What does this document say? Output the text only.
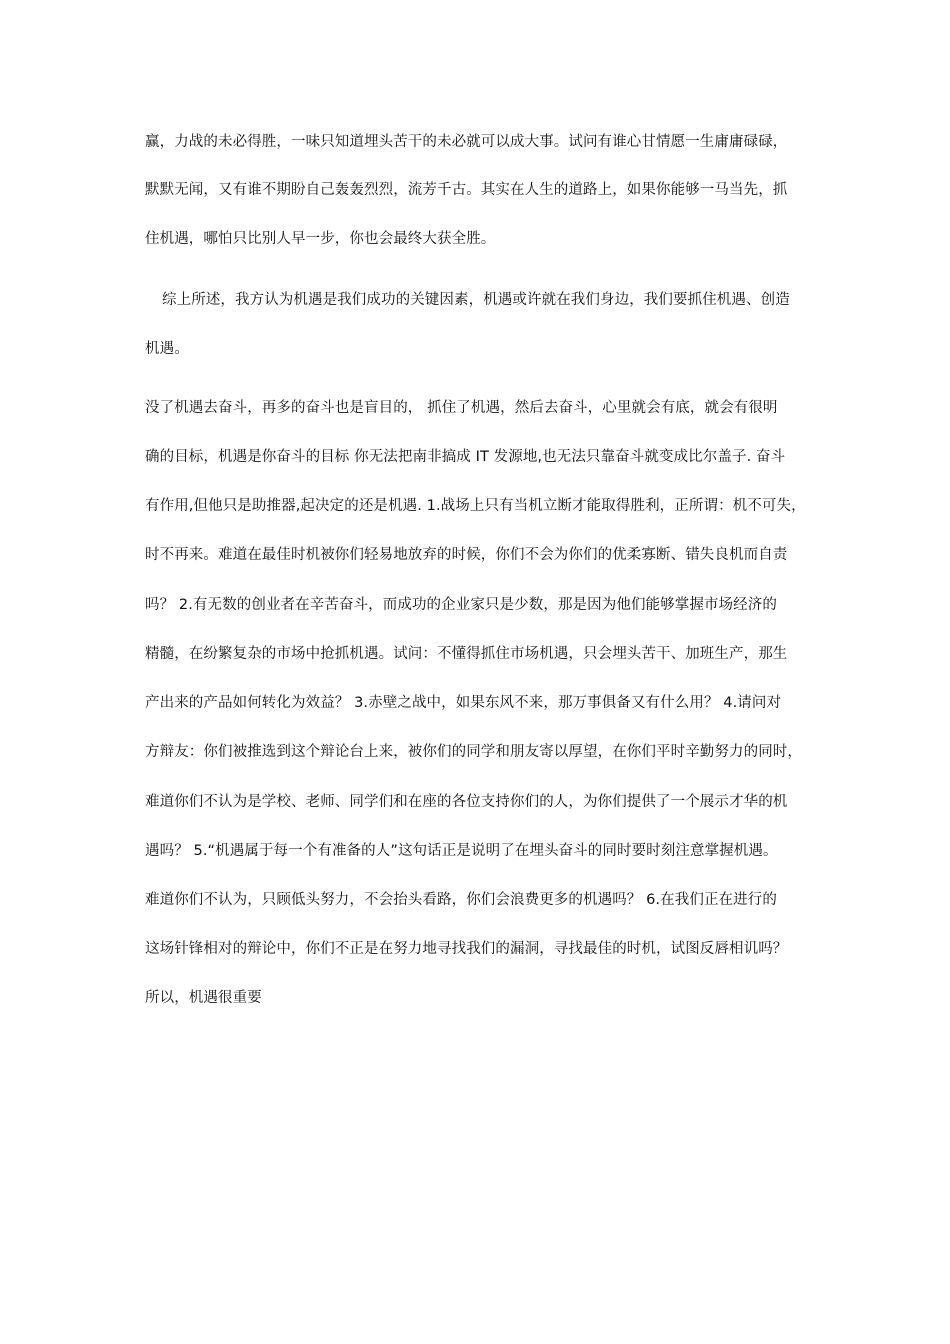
赢，力战的未必得胜，一味只知道埋头苦干的未必就可以成大事。试问有谁心甘情愿一生庸庸碌碌，
默默无闻，又有谁不期盼自己轰轰烈烈，流芳千古。其实在人生的道路上，如果你能够一马当先，抓
住机遇，哪怕只比别人早一步，你也会最终大获全胜。
综上所述，我方认为机遇是我们成功的关键因素，机遇或许就在我们身边，我们要抓住机遇、创造
机遇。
没了机遇去奋斗，再多的奋斗也是盲目的， 抓住了机遇，然后去奋斗，心里就会有底，就会有很明
确的目标，机遇是你奋斗的目标 你无法把南非搞成 IT 发源地,也无法只靠奋斗就变成比尔盖子. 奋斗
有作用,但他只是助推器,起决定的还是机遇. 1.战场上只有当机立断才能取得胜利，正所谓：机不可失，
时不再来。难道在最佳时机被你们轻易地放弃的时候，你们不会为你们的优柔寡断、错失良机而自责
吗？ 2.有无数的创业者在辛苦奋斗，而成功的企业家只是少数，那是因为他们能够掌握市场经济的
精髓，在纷繁复杂的市场中抢抓机遇。试问：不懂得抓住市场机遇，只会埋头苦干、加班生产，那生
产出来的产品如何转化为效益？ 3.赤壁之战中，如果东风不来，那万事俱备又有什么用？ 4.请问对
方辩友：你们被推选到这个辩论台上来，被你们的同学和朋友寄以厚望，在你们平时辛勤努力的同时，
难道你们不认为是学校、老师、同学们和在座的各位支持你们的人，为你们提供了一个展示才华的机
遇吗？ 5.“机遇属于每一个有准备的人”这句话正是说明了在埋头奋斗的同时要时刻注意掌握机遇。
难道你们不认为，只顾低头努力，不会抬头看路，你们会浪费更多的机遇吗？ 6.在我们正在进行的
这场针锋相对的辩论中，你们不正是在努力地寻找我们的漏洞，寻找最佳的时机，试图反唇相讥吗？
所以，机遇很重要
